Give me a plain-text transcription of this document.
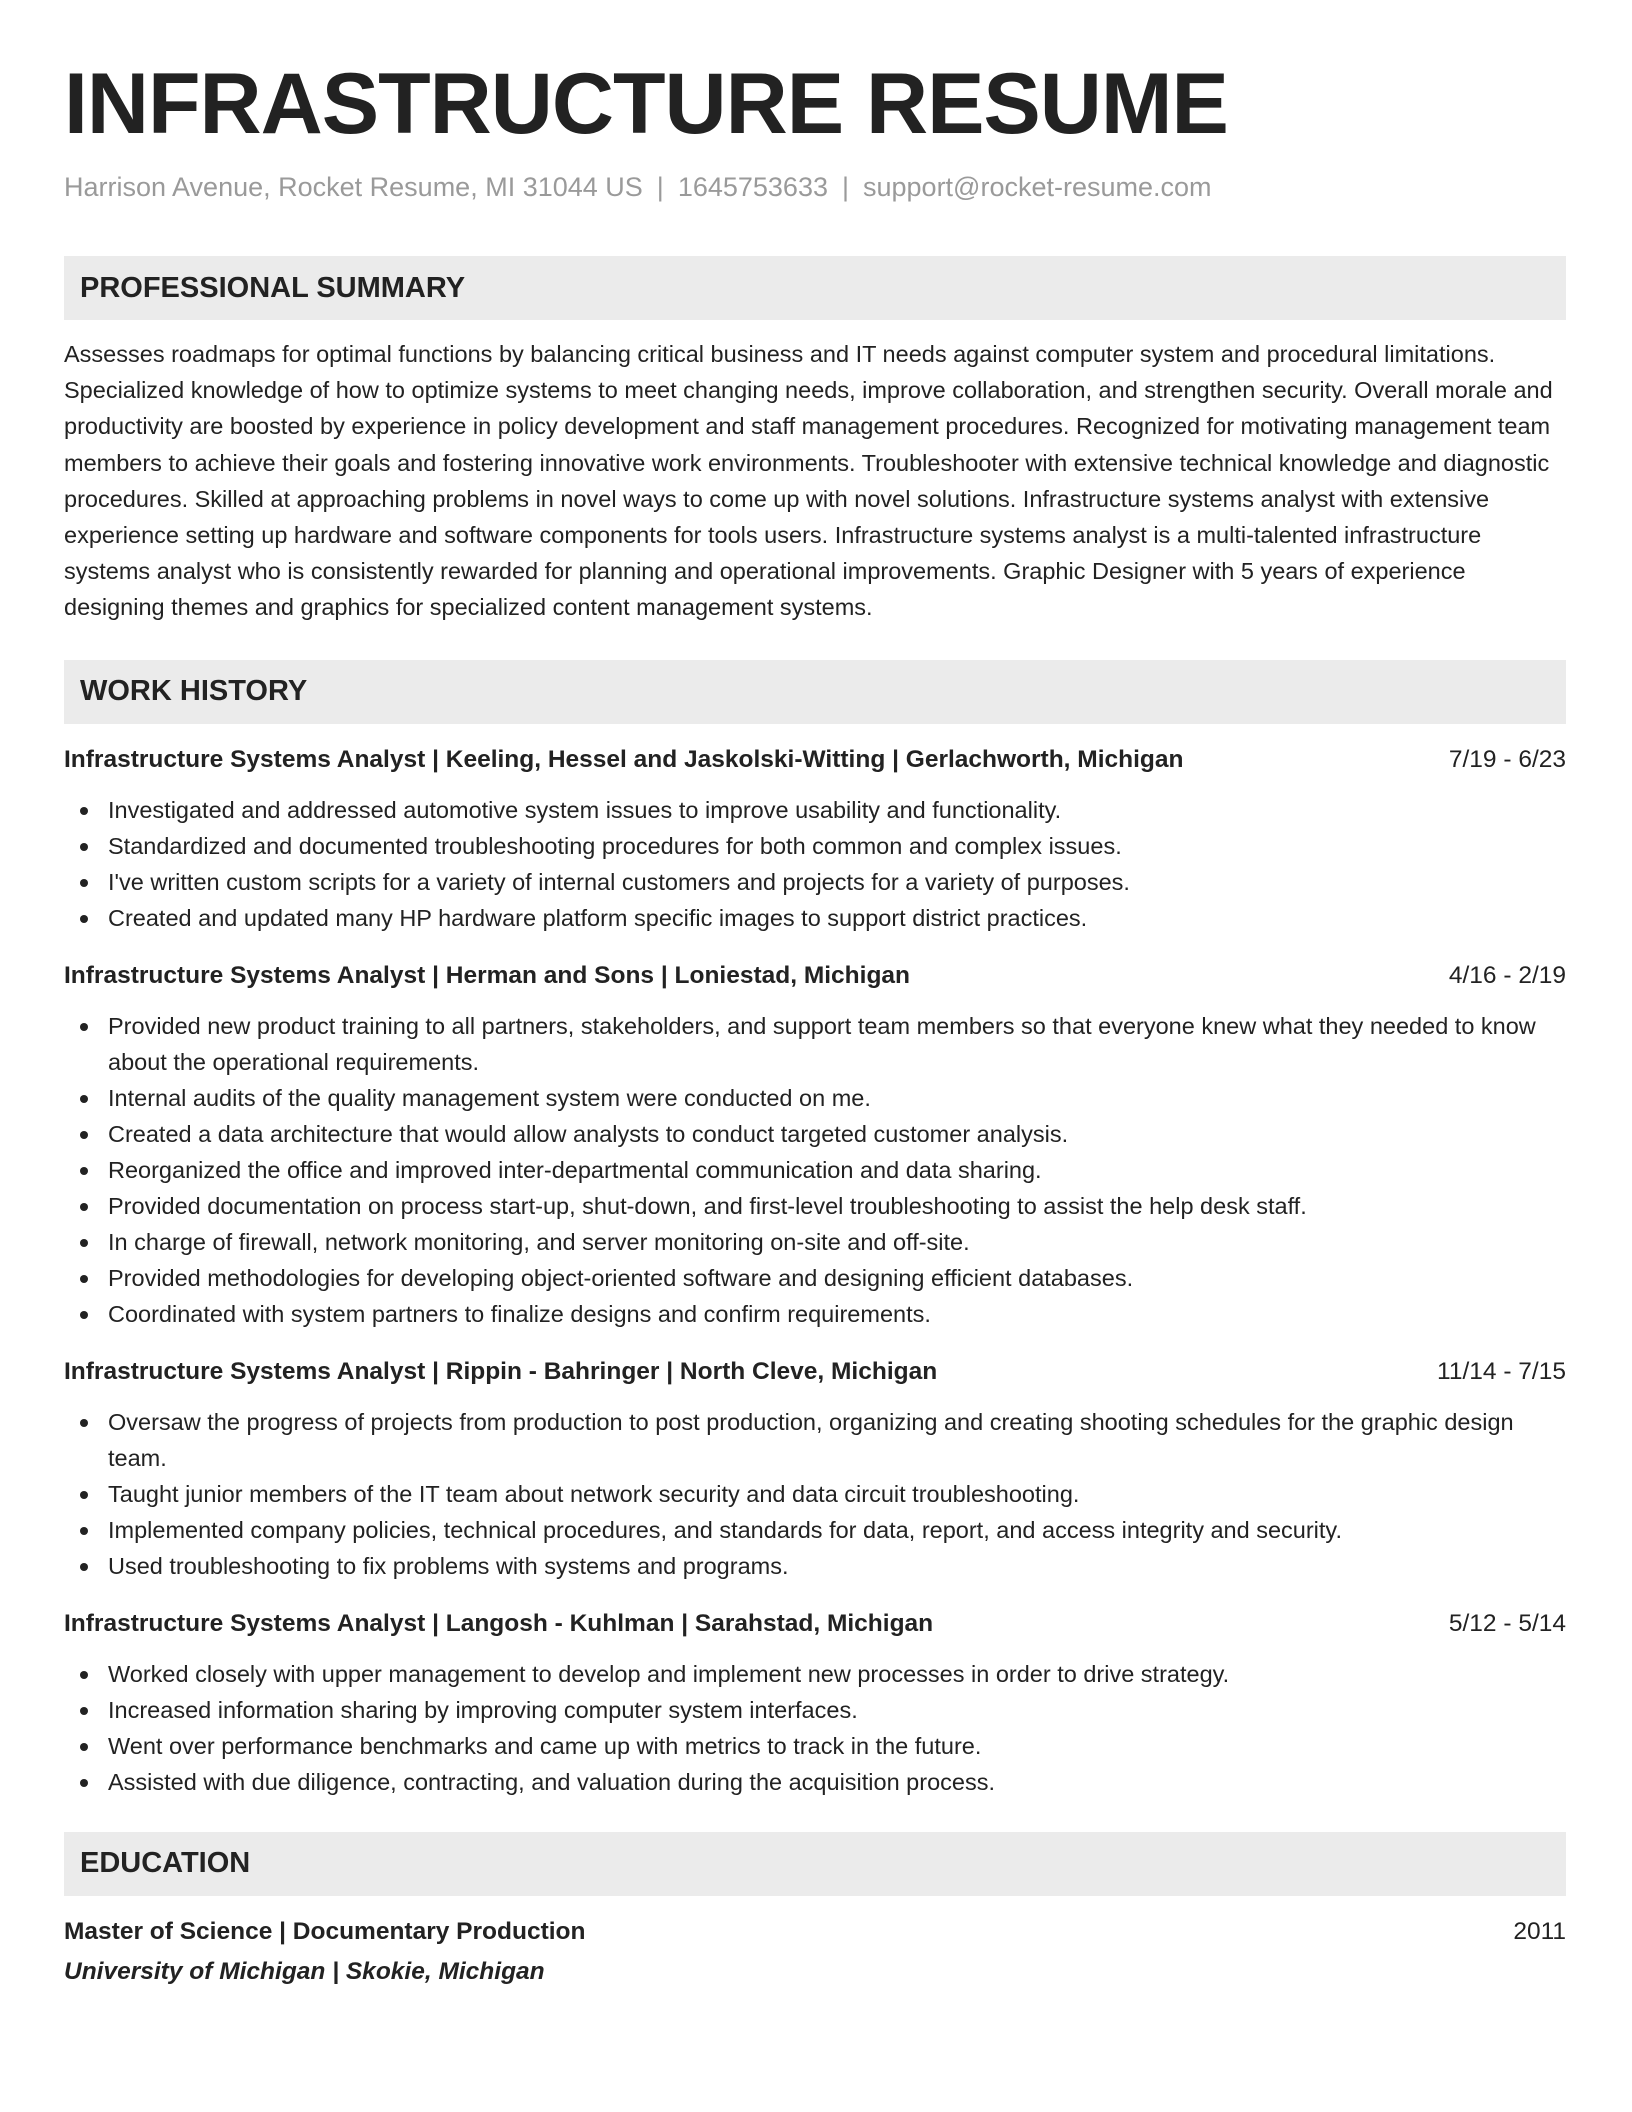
INFRASTRUCTURE RESUME
Harrison Avenue, Rocket Resume, MI 31044 US | 1645753633 | support@rocket-resume.com
PROFESSIONAL SUMMARY

Assesses roadmaps for optimal functions by balancing critical business and IT needs against computer system and procedural limitations. Specialized knowledge of how to optimize systems to meet changing needs, improve collaboration, and strengthen security. Overall morale and productivity are boosted by experience in policy development and staff management procedures. Recognized for motivating management team members to achieve their goals and fostering innovative work environments. Troubleshooter with extensive technical knowledge and diagnostic procedures. Skilled at approaching problems in novel ways to come up with novel solutions. Infrastructure systems analyst with extensive experience setting up hardware and software components for tools users. Infrastructure systems analyst is a multi-talented infrastructure systems analyst who is consistently rewarded for planning and operational improvements. Graphic Designer with 5 years of experience designing themes and graphics for specialized content management systems.

WORK HISTORY
Infrastructure Systems Analyst | Keeling, Hessel and Jaskolski-Witting | Gerlachworth, Michigan	7/19 - 6/23
Investigated and addressed automotive system issues to improve usability and functionality.
Standardized and documented troubleshooting procedures for both common and complex issues.
I've written custom scripts for a variety of internal customers and projects for a variety of purposes.
Created and updated many HP hardware platform specific images to support district practices.
Infrastructure Systems Analyst | Herman and Sons | Loniestad, Michigan	4/16 - 2/19
Provided new product training to all partners, stakeholders, and support team members so that everyone knew what they needed to know about the operational requirements.
Internal audits of the quality management system were conducted on me.
Created a data architecture that would allow analysts to conduct targeted customer analysis.
Reorganized the office and improved inter-departmental communication and data sharing.
Provided documentation on process start-up, shut-down, and first-level troubleshooting to assist the help desk staff.
In charge of firewall, network monitoring, and server monitoring on-site and off-site.
Provided methodologies for developing object-oriented software and designing efficient databases.
Coordinated with system partners to finalize designs and confirm requirements.
Infrastructure Systems Analyst | Rippin - Bahringer | North Cleve, Michigan	11/14 - 7/15
Oversaw the progress of projects from production to post production, organizing and creating shooting schedules for the graphic design team.
Taught junior members of the IT team about network security and data circuit troubleshooting.
Implemented company policies, technical procedures, and standards for data, report, and access integrity and security.
Used troubleshooting to fix problems with systems and programs.
Infrastructure Systems Analyst | Langosh - Kuhlman | Sarahstad, Michigan	5/12 - 5/14
Worked closely with upper management to develop and implement new processes in order to drive strategy.
Increased information sharing by improving computer system interfaces.
Went over performance benchmarks and came up with metrics to track in the future.
Assisted with due diligence, contracting, and valuation during the acquisition process.
EDUCATION
Master of Science | Documentary Production	2011
University of Michigan | Skokie, Michigan
